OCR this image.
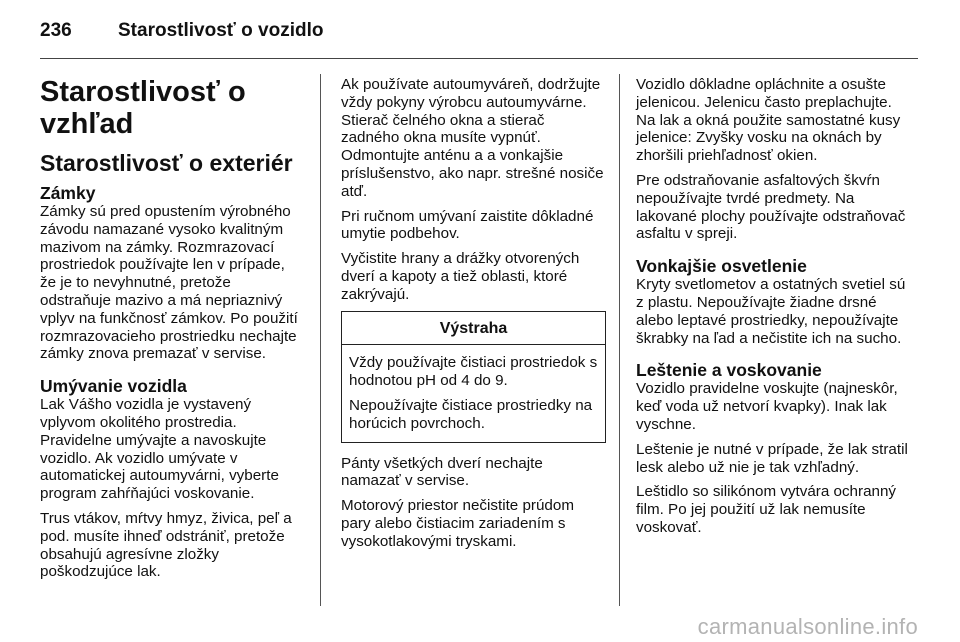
236 Starostlivosť o vozidlo
Starostlivosť o vzhľad
Starostlivosť o exteriér
Zámky

Zámky sú pred opustením výrobného závodu namazané vysoko kvalitným mazivom na zámky. Rozmrazovací prostriedok používajte len v prípade, že je to nevyhnutné, pretože odstraňuje mazivo a má nepriaznivý vplyv na funkčnosť zámkov. Po použití rozmrazovacieho prostriedku nechajte zámky znova premazať v servise.

Umývanie vozidla

Lak Vášho vozidla je vystavený vplyvom okolitého prostredia. Pravidelne umývajte a navoskujte vozidlo. Ak vozidlo umývate v automatickej autoumyvárni, vyberte program zahŕňajúci voskovanie.

Trus vtákov, mŕtvy hmyz, živica, peľ a pod. musíte ihneď odstrániť, pretože obsahujú agresívne zložky poškodzujúce lak.

Ak používate autoumyváreň, dodržujte vždy pokyny výrobcu autoumyvárne. Stierač čelného okna a stierač zadného okna musíte vypnúť. Odmontujte anténu a a vonkajšie príslušenstvo, ako napr. strešné nosiče atď.

Pri ručnom umývaní zaistite dôkladné umytie podbehov.

Vyčistite hrany a drážky otvorených dverí a kapoty a tiež oblasti, ktoré zakrývajú.

Výstraha

Vždy používajte čistiaci prostriedok s hodnotou pH od 4 do 9.

Nepoužívajte čistiace prostriedky na horúcich povrchoch.

Pánty všetkých dverí nechajte namazať v servise.

Motorový priestor nečistite prúdom pary alebo čistiacim zariadením s vysokotlakovými tryskami.

Vozidlo dôkladne opláchnite a osušte jelenicou. Jelenicu často preplachujte. Na lak a okná použite samostatné kusy jelenice: Zvyšky vosku na oknách by zhoršili priehľadnosť okien.

Pre odstraňovanie asfaltových škvŕn nepoužívajte tvrdé predmety. Na lakované plochy používajte odstraňovač asfaltu v spreji.

Vonkajšie osvetlenie

Kryty svetlometov a ostatných svetiel sú z plastu. Nepoužívajte žiadne drsné alebo leptavé prostriedky, nepoužívajte škrabky na ľad a nečistite ich na sucho.

Leštenie a voskovanie

Vozidlo pravidelne voskujte (najneskôr, keď voda už netvorí kvapky). Inak lak vyschne.

Leštenie je nutné v prípade, že lak stratil lesk alebo už nie je tak vzhľadný.

Leštidlo so silikónom vytvára ochranný film. Po jej použití už lak nemusíte voskovať.

carmanualsonline.info
